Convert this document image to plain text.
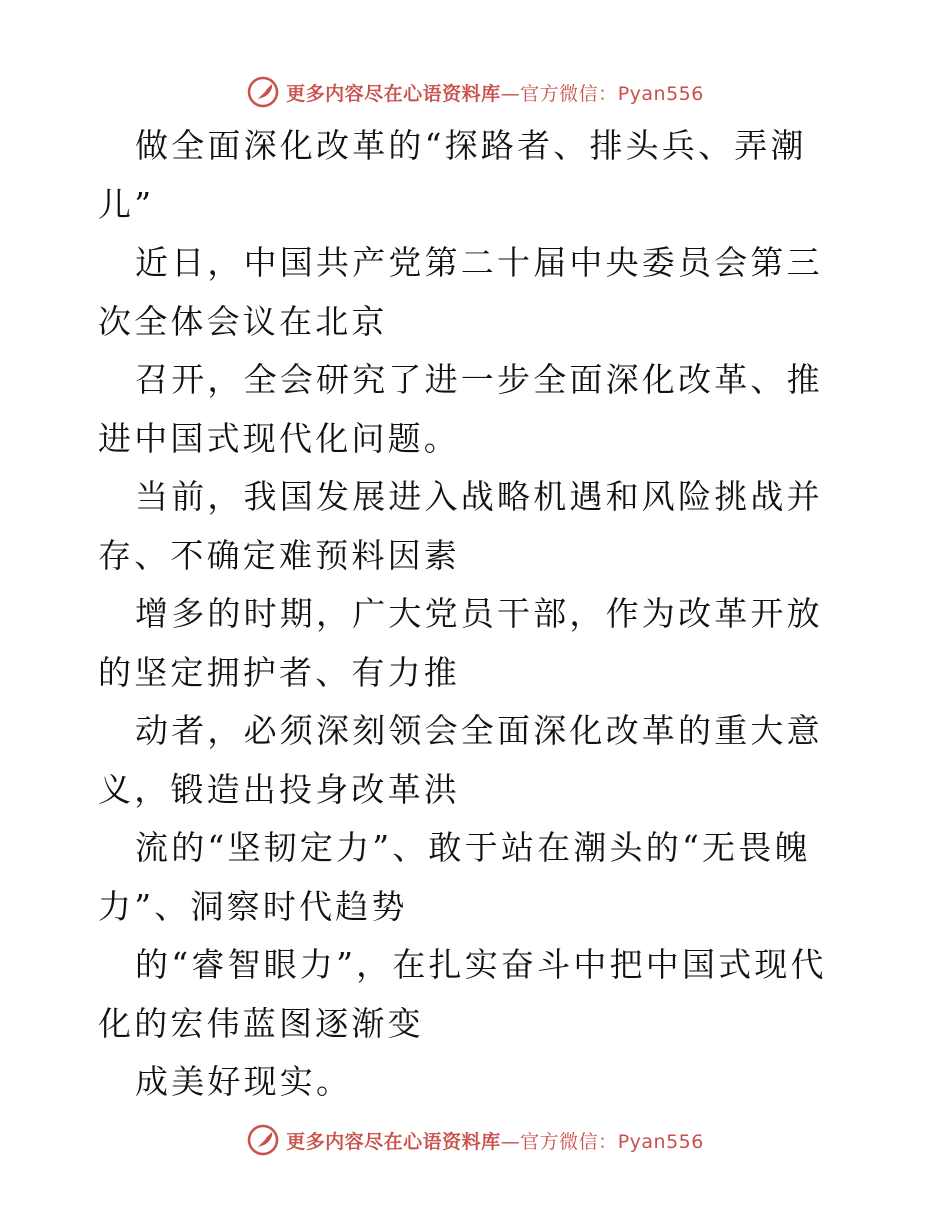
更多内容尽在心语资料库—官方微信：Pyan556

做全面深化改革的“探路者、排头兵、弄潮儿”

近日，中国共产党第二十届中央委员会第三次全体会议在北京

召开，全会研究了进一步全面深化改革、推进中国式现代化问题。

当前，我国发展进入战略机遇和风险挑战并存、不确定难预料因素

增多的时期，广大党员干部，作为改革开放的坚定拥护者、有力推

动者，必须深刻领会全面深化改革的重大意义，锻造出投身改革洪

流的“坚韧定力”、敢于站在潮头的“无畏魄力”、洞察时代趋势

的“睿智眼力”，在扎实奋斗中把中国式现代化的宏伟蓝图逐渐变

成美好现实。

更多内容尽在心语资料库—官方微信：Pyan556
